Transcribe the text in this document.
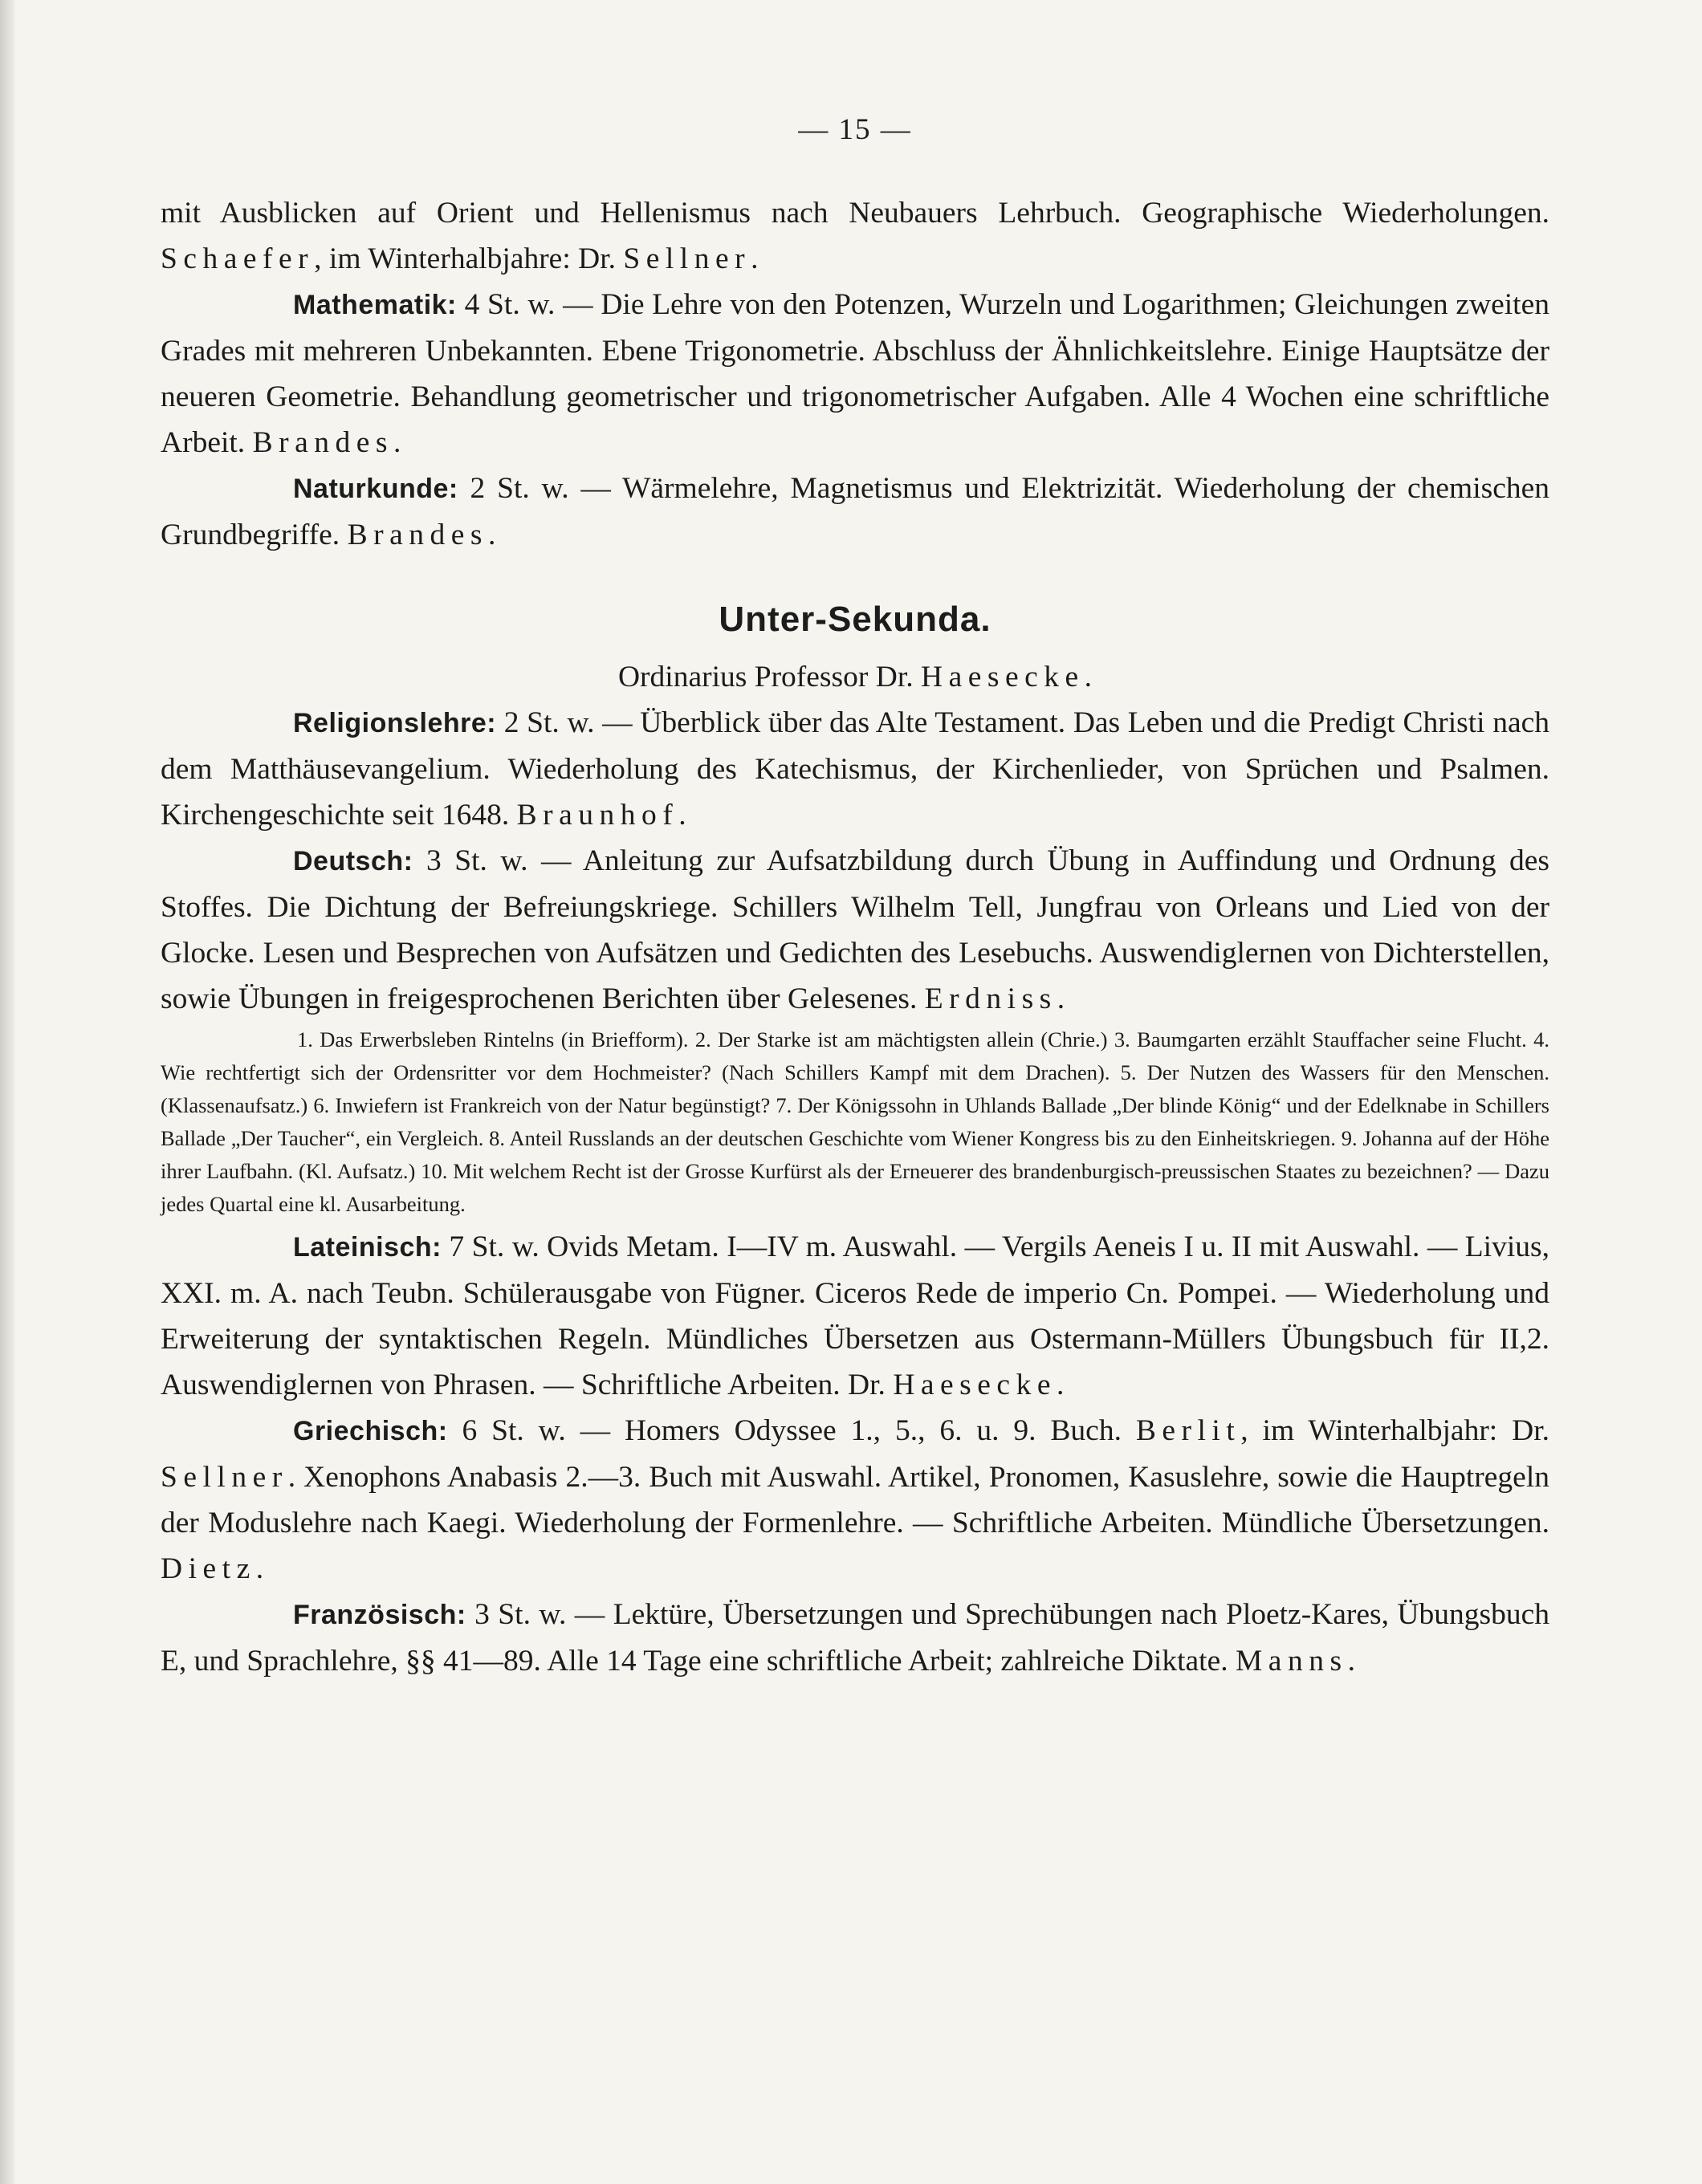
— 15 —

mit Ausblicken auf Orient und Hellenismus nach Neubauers Lehrbuch. Geographische Wiederholungen. Schaefer, im Winterhalbjahre: Dr. Sellner.

Mathematik: 4 St. w. — Die Lehre von den Potenzen, Wurzeln und Logarithmen; Gleichungen zweiten Grades mit mehreren Unbekannten. Ebene Trigonometrie. Abschluss der Ähnlichkeitslehre. Einige Hauptsätze der neueren Geometrie. Behandlung geometrischer und trigonometrischer Aufgaben. Alle 4 Wochen eine schriftliche Arbeit. Brandes.

Naturkunde: 2 St. w. — Wärmelehre, Magnetismus und Elektrizität. Wiederholung der chemischen Grundbegriffe. Brandes.

Unter-Sekunda.

Ordinarius Professor Dr. Haesecke.

Religionslehre: 2 St. w. — Überblick über das Alte Testament. Das Leben und die Predigt Christi nach dem Matthäusevangelium. Wiederholung des Katechismus, der Kirchenlieder, von Sprüchen und Psalmen. Kirchengeschichte seit 1648. Braunhof.

Deutsch: 3 St. w. — Anleitung zur Aufsatzbildung durch Übung in Auffindung und Ordnung des Stoffes. Die Dichtung der Befreiungskriege. Schillers Wilhelm Tell, Jungfrau von Orleans und Lied von der Glocke. Lesen und Besprechen von Aufsätzen und Gedichten des Lesebuchs. Auswendiglernen von Dichterstellen, sowie Übungen in freigesprochenen Berichten über Gelesenes. Erdniss.

1. Das Erwerbsleben Rintelns (in Briefform). 2. Der Starke ist am mächtigsten allein (Chrie.) 3. Baumgarten erzählt Stauffacher seine Flucht. 4. Wie rechtfertigt sich der Ordensritter vor dem Hochmeister? (Nach Schillers Kampf mit dem Drachen). 5. Der Nutzen des Wassers für den Menschen. (Klassenaufsatz.) 6. Inwiefern ist Frankreich von der Natur begünstigt? 7. Der Königssohn in Uhlands Ballade „Der blinde König“ und der Edelknabe in Schillers Ballade „Der Taucher“, ein Vergleich. 8. Anteil Russlands an der deutschen Geschichte vom Wiener Kongress bis zu den Einheitskriegen. 9. Johanna auf der Höhe ihrer Laufbahn. (Kl. Aufsatz.) 10. Mit welchem Recht ist der Grosse Kurfürst als der Erneuerer des brandenburgisch-preussischen Staates zu bezeichnen? — Dazu jedes Quartal eine kl. Ausarbeitung.

Lateinisch: 7 St. w. Ovids Metam. I—IV m. Auswahl. — Vergils Aeneis I u. II mit Auswahl. — Livius, XXI. m. A. nach Teubn. Schülerausgabe von Fügner. Ciceros Rede de imperio Cn. Pompei. — Wiederholung und Erweiterung der syntaktischen Regeln. Mündliches Übersetzen aus Ostermann-Müllers Übungsbuch für II,2. Auswendiglernen von Phrasen. — Schriftliche Arbeiten. Dr. Haesecke.

Griechisch: 6 St. w. — Homers Odyssee 1., 5., 6. u. 9. Buch. Berlit, im Winterhalbjahr: Dr. Sellner. Xenophons Anabasis 2.—3. Buch mit Auswahl. Artikel, Pronomen, Kasuslehre, sowie die Hauptregeln der Moduslehre nach Kaegi. Wiederholung der Formenlehre. — Schriftliche Arbeiten. Mündliche Übersetzungen. Dietz.

Französisch: 3 St. w. — Lektüre, Übersetzungen und Sprechübungen nach Ploetz-Kares, Übungsbuch E, und Sprachlehre, §§ 41—89. Alle 14 Tage eine schriftliche Arbeit; zahlreiche Diktate. Manns.
